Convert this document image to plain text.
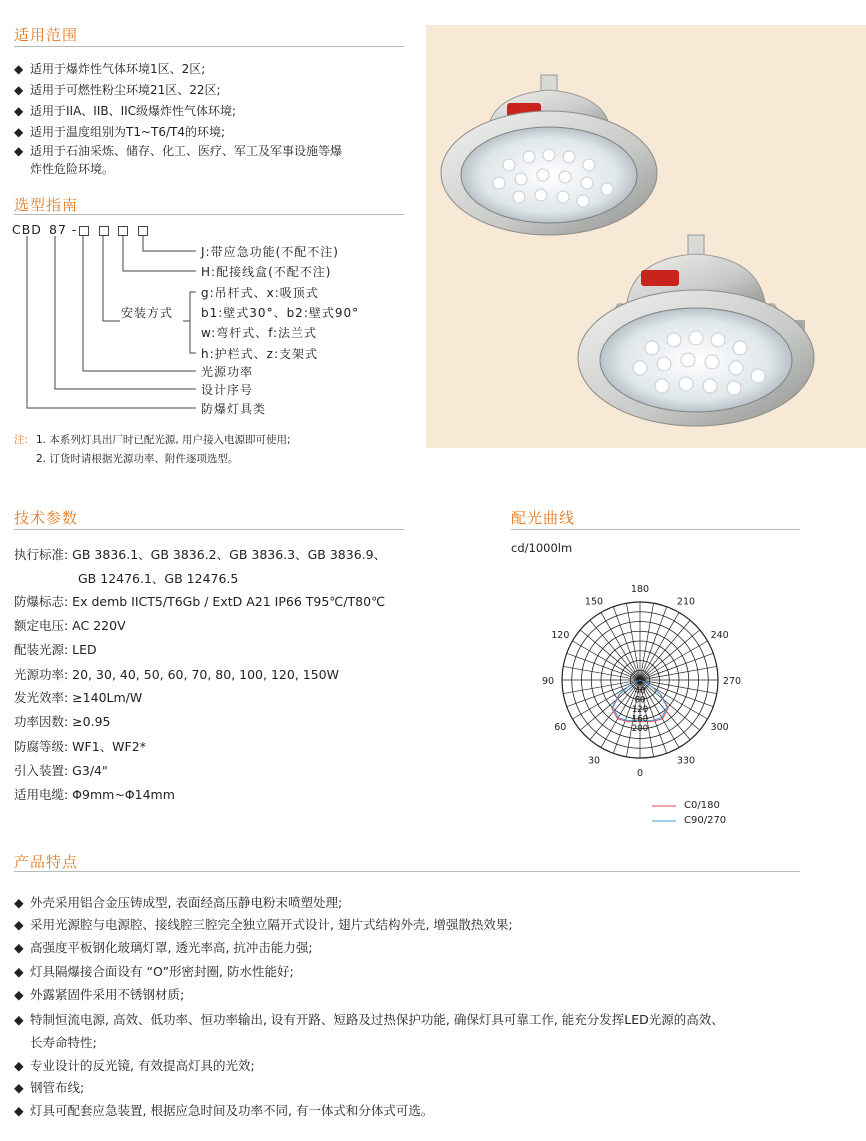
适用范围
◆ 适用于爆炸性气体环境1区、2区;
◆ 适用于可燃性粉尘环境21区、22区;
◆ 适用于IIA、IIB、IIC级爆炸性气体环境;
◆ 适用于温度组别为T1~T6/T4的环境;
◆ 适用于石油采炼、储存、化工、医疗、军工及军事设施等爆
炸性危险环境。
选型指南
CBD 87 -
J:带应急功能(不配不注)
H:配接线盒(不配不注)
安装方式
g:吊杆式、x:吸顶式
b1:壁式30°、b2:壁式90°
w:弯杆式、f:法兰式
h:护栏式、z:支架式
光源功率
设计序号
防爆灯具类
注: 1. 本系列灯具出厂时已配光源, 用户接入电源即可使用;
2. 订货时请根据光源功率、附件逐项选型。
技术参数
执行标准: GB 3836.1、GB 3836.2、GB 3836.3、GB 3836.9、
GB 12476.1、GB 12476.5
防爆标志: Ex demb IICT5/T6Gb / ExtD A21 IP66 T95℃/T80℃
额定电压: AC 220V
配装光源: LED
光源功率: 20, 30, 40, 50, 60, 70, 80, 100, 120, 150W
发光效率: ≥140Lm/W
功率因数: ≥0.95
防腐等级: WF1、WF2*
引入装置: G3/4"
适用电缆: Φ9mm~Φ14mm
配光曲线
cd/1000lm
0
30
60
90
120
150
180
210
240
270
300
330
0
40
80
120
160
200
C0/180
C90/270
产品特点
◆ 外壳采用铝合金压铸成型, 表面经高压静电粉末喷塑处理;
◆ 采用光源腔与电源腔、接线腔三腔完全独立隔开式设计, 翅片式结构外壳, 增强散热效果;
◆ 高强度平板钢化玻璃灯罩, 透光率高, 抗冲击能力强;
◆ 灯具隔爆接合面设有 “O”形密封圈, 防水性能好;
◆ 外露紧固件采用不锈钢材质;
◆ 特制恒流电源, 高效、低功率、恒功率输出, 设有开路、短路及过热保护功能, 确保灯具可靠工作, 能充分发挥LED光源的高效、
长寿命特性;
◆ 专业设计的反光镜, 有效提高灯具的光效;
◆ 钢管布线;
◆ 灯具可配套应急装置, 根据应急时间及功率不同, 有一体式和分体式可选。
